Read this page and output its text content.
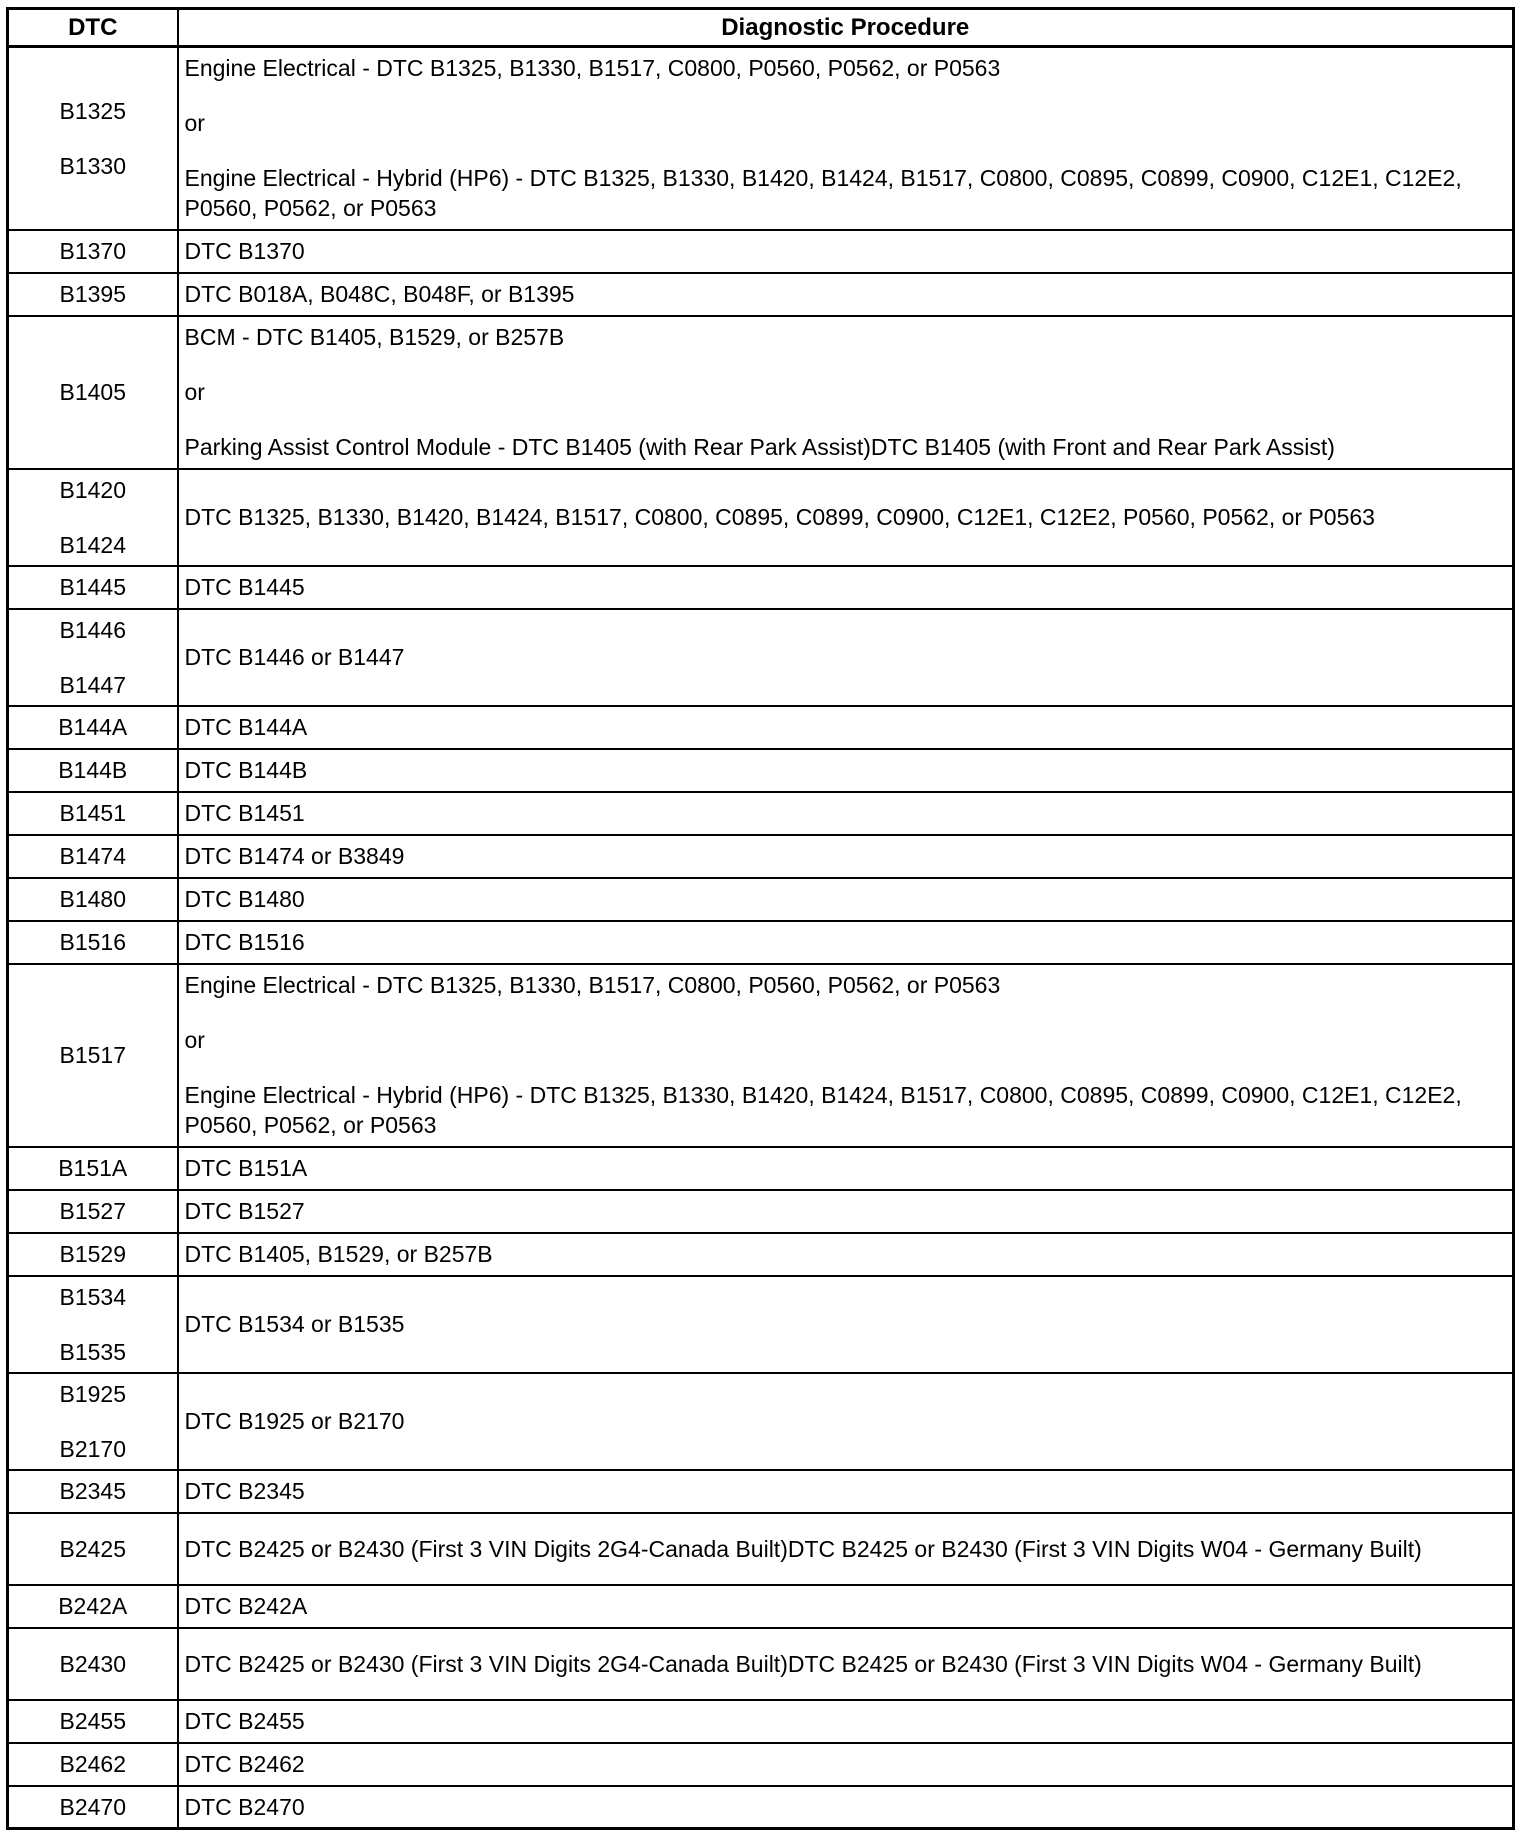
DTC	Diagnostic Procedure

B1325
B1330	Engine Electrical - DTC B1325, B1330, B1517, C0800, P0560, P0562, or P0563
or
Engine Electrical - Hybrid (HP6) - DTC B1325, B1330, B1420, B1424, B1517, C0800, C0895, C0899, C0900, C12E1, C12E2, P0560, P0562, or P0563

B1370	DTC B1370

B1395	DTC B018A, B048C, B048F, or B1395

B1405	BCM - DTC B1405, B1529, or B257B
or
Parking Assist Control Module - DTC B1405 (with Rear Park Assist)DTC B1405 (with Front and Rear Park Assist)

B1420
B1424	DTC B1325, B1330, B1420, B1424, B1517, C0800, C0895, C0899, C0900, C12E1, C12E2, P0560, P0562, or P0563

B1445	DTC B1445

B1446
B1447	DTC B1446 or B1447

B144A	DTC B144A

B144B	DTC B144B

B1451	DTC B1451

B1474	DTC B1474 or B3849

B1480	DTC B1480

B1516	DTC B1516

B1517	Engine Electrical - DTC B1325, B1330, B1517, C0800, P0560, P0562, or P0563
or
Engine Electrical - Hybrid (HP6) - DTC B1325, B1330, B1420, B1424, B1517, C0800, C0895, C0899, C0900, C12E1, C12E2, P0560, P0562, or P0563

B151A	DTC B151A

B1527	DTC B1527

B1529	DTC B1405, B1529, or B257B

B1534
B1535	DTC B1534 or B1535

B1925
B2170	DTC B1925 or B2170

B2345	DTC B2345

B2425	DTC B2425 or B2430 (First 3 VIN Digits 2G4-Canada Built)DTC B2425 or B2430 (First 3 VIN Digits W04 - Germany Built)

B242A	DTC B242A

B2430	DTC B2425 or B2430 (First 3 VIN Digits 2G4-Canada Built)DTC B2425 or B2430 (First 3 VIN Digits W04 - Germany Built)

B2455	DTC B2455

B2462	DTC B2462

B2470	DTC B2470
